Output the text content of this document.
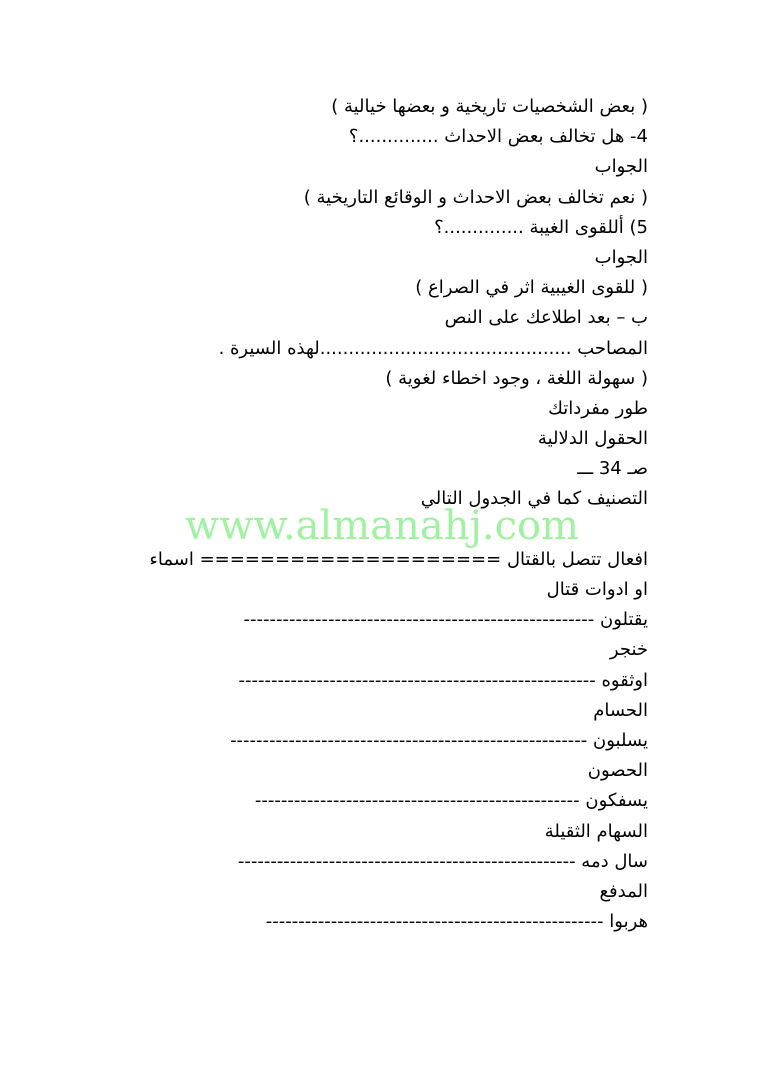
( بعض الشخصيات تاريخية و بعضها خيالية )
4- هل تخالف بعض الاحداث ..............؟
الجواب
( نعم تخالف بعض الاحداث و الوقائع التاريخية )
5) أللقوى الغيبة ..............؟
الجواب
( للقوى الغيبية اثر في الصراع )
ب – بعد اطلاعك على النص
المصاحب ............................................لهذه السيرة .
( سهولة اللغة ، وجود اخطاء لغوية )
طور مفرداتك
الحقول الدلالية
صـ 34 ـــ
التصنيف كما في الجدول التالي
افعال تتصل بالقتال ==================== اسماء
او ادوات قتال
يقتلون ------------------------------------------------------
خنجر
اوثقوه -------------------------------------------------------
الحسام
يسلبون -------------------------------------------------------
الحصون
يسفكون --------------------------------------------------
السهام الثقيلة
سال دمه ----------------------------------------------------
المدفع
هربوا ----------------------------------------------------
www.almanahj.com
